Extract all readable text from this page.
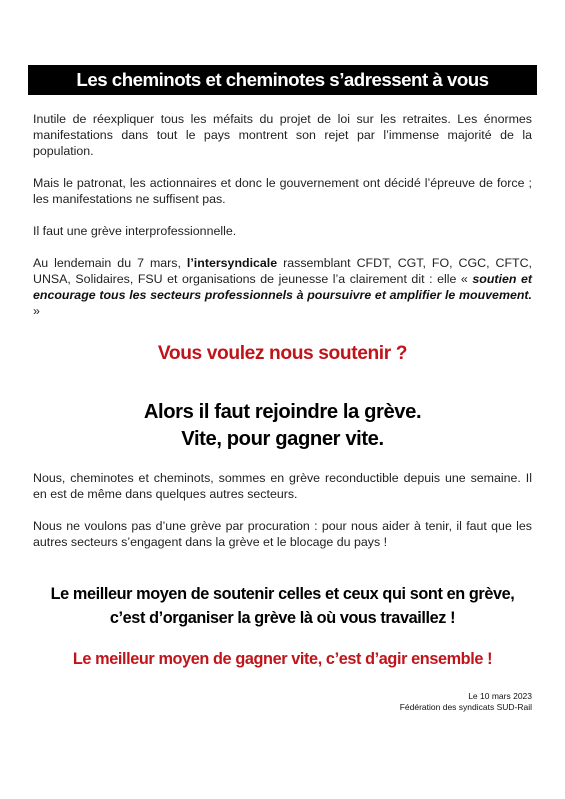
Les cheminots et cheminotes s’adressent à vous
Inutile de réexpliquer tous les méfaits du projet de loi sur les retraites. Les énormes manifestations dans tout le pays montrent son rejet par l’immense majorité de la population.
Mais le patronat, les actionnaires et donc le gouvernement ont décidé l’épreuve de force ; les manifestations ne suffisent pas.
Il faut une grève interprofessionnelle.
Au lendemain du 7 mars, l’intersyndicale rassemblant CFDT, CGT, FO, CGC, CFTC, UNSA, Solidaires, FSU et organisations de jeunesse l’a clairement dit : elle « soutien et encourage tous les secteurs professionnels à poursuivre et amplifier le mouvement. »
Vous voulez nous soutenir ?
Alors il faut rejoindre la grève.
Vite, pour gagner vite.
Nous, cheminotes et cheminots, sommes en grève reconductible depuis une semaine. Il en est de même dans quelques autres secteurs.
Nous ne voulons pas d’une grève par procuration : pour nous aider à tenir, il faut que les autres secteurs s’engagent dans la grève et le blocage du pays !
Le meilleur moyen de soutenir celles et ceux qui sont en grève,
c’est d’organiser la grève là où vous travaillez !
Le meilleur moyen de gagner vite, c’est d’agir ensemble !
Le 10 mars 2023
Fédération des syndicats SUD-Rail
